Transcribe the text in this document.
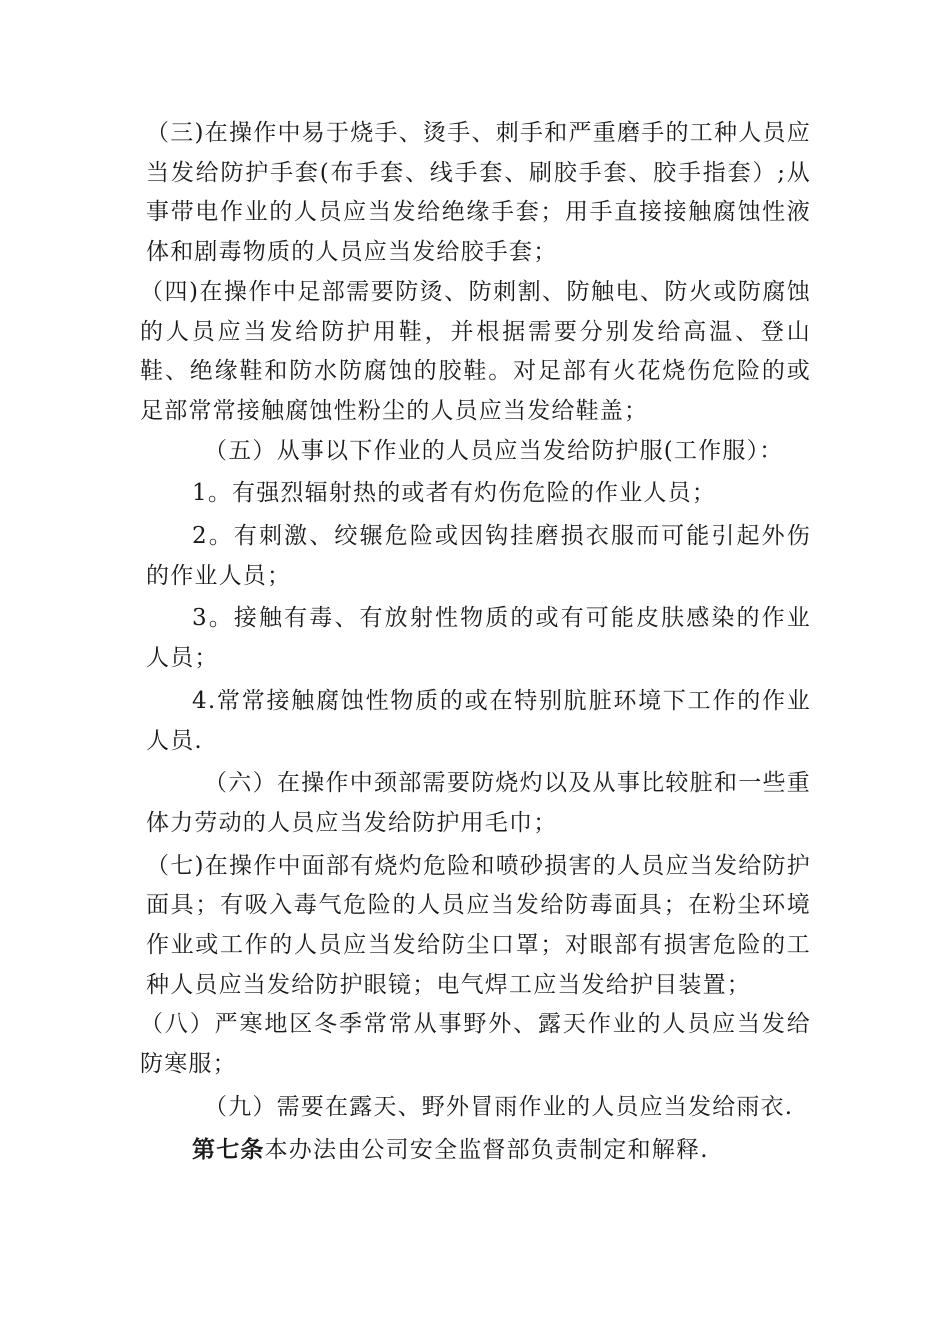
（三)在操作中易于烧手、烫手、刺手和严重磨手的工种人员应当发给防护手套(布手套、线手套、刷胶手套、胶手指套）;从事带电作业的人员应当发给绝缘手套；用手直接接触腐蚀性液体和剧毒物质的人员应当发给胶手套；

（四)在操作中足部需要防烫、防刺割、防触电、防火或防腐蚀的人员应当发给防护用鞋，并根据需要分别发给高温、登山鞋、绝缘鞋和防水防腐蚀的胶鞋。对足部有火花烧伤危险的或足部常常接触腐蚀性粉尘的人员应当发给鞋盖；

（五）从事以下作业的人员应当发给防护服(工作服）：

1。有强烈辐射热的或者有灼伤危险的作业人员；

2。有刺激、绞辗危险或因钩挂磨损衣服而可能引起外伤的作业人员；

3。接触有毒、有放射性物质的或有可能皮肤感染的作业人员；

4.常常接触腐蚀性物质的或在特别肮脏环境下工作的作业人员.

（六）在操作中颈部需要防烧灼以及从事比较脏和一些重体力劳动的人员应当发给防护用毛巾；

（七)在操作中面部有烧灼危险和喷砂损害的人员应当发给防护面具；有吸入毒气危险的人员应当发给防毒面具；在粉尘环境作业或工作的人员应当发给防尘口罩；对眼部有损害危险的工种人员应当发给防护眼镜；电气焊工应当发给护目装置；

（八）严寒地区冬季常常从事野外、露天作业的人员应当发给防寒服；

（九）需要在露天、野外冒雨作业的人员应当发给雨衣.

第七条本办法由公司安全监督部负责制定和解释.
